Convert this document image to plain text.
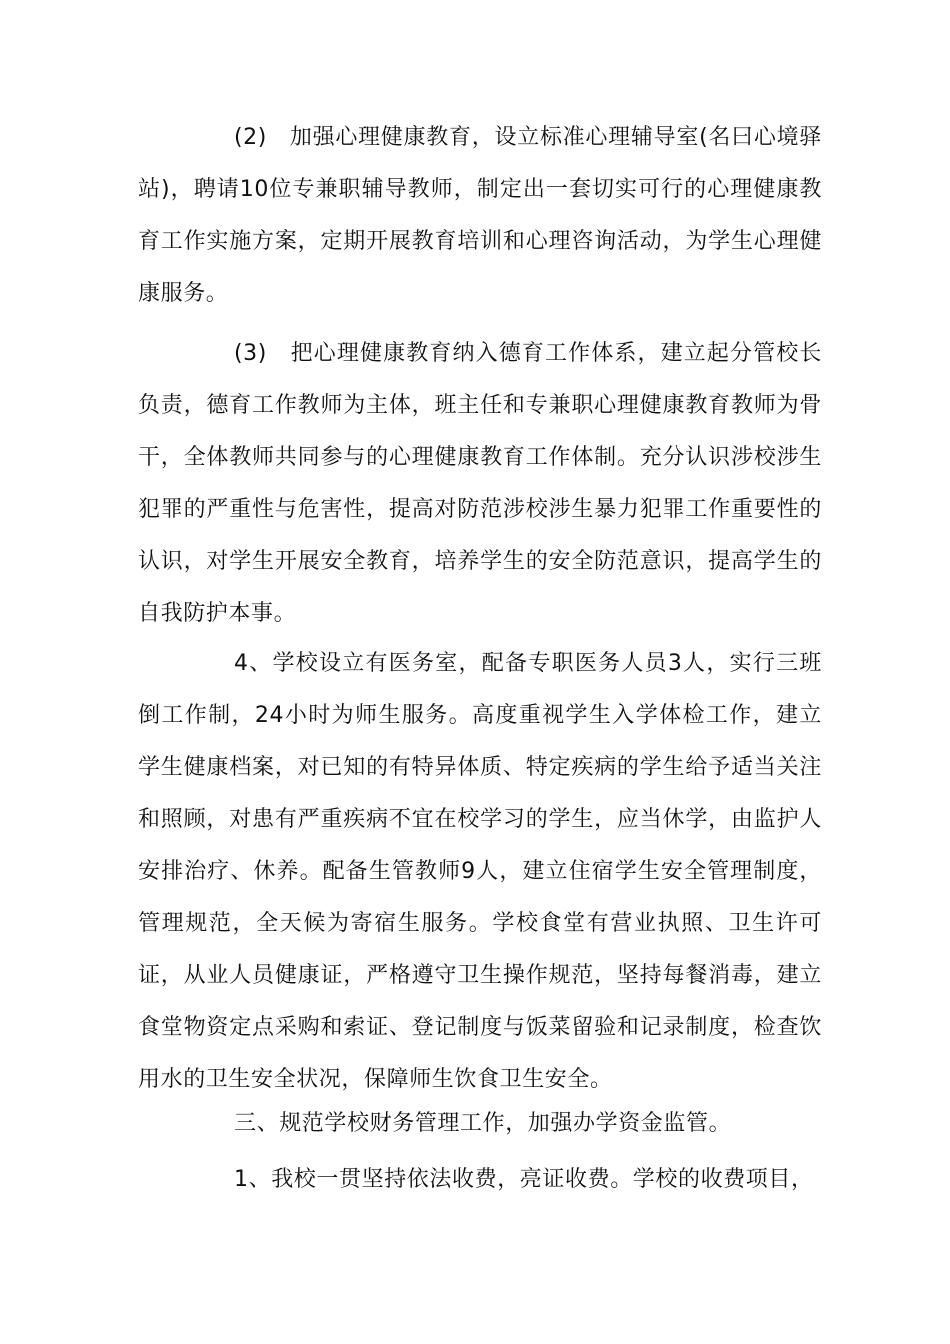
(2)　加强心理健康教育，设立标准心理辅导室(名曰心境驿站)，聘请10位专兼职辅导教师，制定出一套切实可行的心理健康教育工作实施方案，定期开展教育培训和心理咨询活动，为学生心理健康服务。

(3)　把心理健康教育纳入德育工作体系，建立起分管校长负责，德育工作教师为主体，班主任和专兼职心理健康教育教师为骨干，全体教师共同参与的心理健康教育工作体制。充分认识涉校涉生犯罪的严重性与危害性，提高对防范涉校涉生暴力犯罪工作重要性的认识，对学生开展安全教育，培养学生的安全防范意识，提高学生的自我防护本事。

4、学校设立有医务室，配备专职医务人员3人，实行三班倒工作制，24小时为师生服务。高度重视学生入学体检工作，建立学生健康档案，对已知的有特异体质、特定疾病的学生给予适当关注和照顾，对患有严重疾病不宜在校学习的学生，应当休学，由监护人安排治疗、休养。配备生管教师9人，建立住宿学生安全管理制度，管理规范，全天候为寄宿生服务。学校食堂有营业执照、卫生许可证，从业人员健康证，严格遵守卫生操作规范，坚持每餐消毒，建立食堂物资定点采购和索证、登记制度与饭菜留验和记录制度，检查饮用水的卫生安全状况，保障师生饮食卫生安全。

三、规范学校财务管理工作，加强办学资金监管。

1、我校一贯坚持依法收费，亮证收费。学校的收费项目，
